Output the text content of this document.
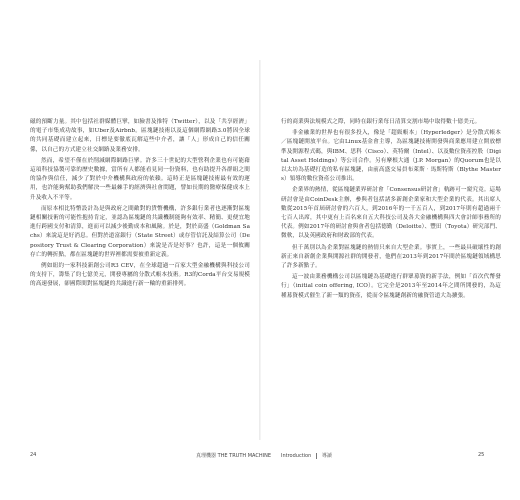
磁的預斷力量。其中包括社群媒體巨擘，如臉書及推特（Twitter），以及「共享經濟」的電子市集成功故事，如Uber及Airbnb。區塊鏈技術以及這個網際網路3.0將因全球的共同基礎而建立起來，日標是要徹底瓦解這些中介者，讓「人」形成自己的信任關係，以自己的方式建立社交網路及業務安排。

然而，希望不僅在於削減網際網路巨擘。許多三十世紀的大型營利企業也有可能藉這項科技協製可靠的歷史數據，當所有人都能看見同一份資料，也有助提升各群組之間的協作與信任，減少了對於中介機構與政府的依賴。這時正是區塊鏈技術最有效的運用，也許能夠幫助我們解決一些最棘手的經濟與社會問題，譬如長期的醫療保健成本上升及收入不平等。

而原本相比特幣設計為是與政府之間敵對的貨幣機構，許多銀行業者也逐漸對區塊鏈相關技術的可能性抱持肯定，並認為區塊鏈的共識機制能夠有效率、精簡、更便宜地進行跨國支付和清算，進而可以減少後勤成本和風險。於是，對於高盛（Goldman Sachs）來說這是好消息。但對於道富銀行（State Street）或存管信託及結算公司（Depository Trust & Clearing Corporation）來說是否是好事？也許，這是一個攸關存亡的轉折點，都在區塊鏈的世界裡都需要被重新定義。

例如紐約一家科技新創公司R3 CEV，在全球超過一百家大型金融機構與科技公司的支持下，籌集了約七億美元，開發專屬的分散式帳本技術。R3的Corda平台交易規模的高速發展，卻國際間對區塊鏈的共識進行新一輪的重新排列。

行的商業與法規模式之際，同時在銀行業每日清算交割市場中取得數十億美元。

非金融業的世界也有很多投入，像是「超級帳本」（Hyperledger）是分散式帳本／區塊鏈開放平台。它由Linux基金會主導，為區塊鏈技術開發與商業應用建立開放標準及開源程式碼，與IBM、思科（Cisco）、英特爾（Intel）、以及數位資產控股（Digital Asset Holdings）等公司合作。另有摩根大通（J.P. Morgan）的Quorum也是以以太坊為基礎打造的私有區塊鏈，由前高盛交易員布萊斯‧馬斯特斯（Blythe Masters）領導的數位資產公司推出。

企業界的熱情，從區塊鏈業界研討會「Consensus研討會」軌跡可一窺究竟。這場研討會是由CoinDesk主辦，參與者包括諸多新創企業家和大型企業的代表。其出席人數從2015年首屆研討會的六百人，到2016年的一千五百人，到2017年則有超過兩千七百人出席，其中更有上百名來自五大科技公司及各大金融機構與四大會計師事務所的代表。例如2017年的研討會與會者包括德勤（Deloitte）、豐田（Toyota）研究部門、微軟，以及英國政府和財政部的代表。

但千萬別以為企業對區塊鏈的熱情只來自大型企業。事實上，一些最具破壞性的創新正來自新創企業與開源社群的開發者，他們在2013年到2017年間於區塊鏈領域構思了許多新點子。

這一波由業務機構公司以區塊鏈為基礎進行群眾募資的新手法，例如「首次代幣發行」（initial coin offering, ICO）。它完全是2013年至2014年之間所開發的，為這種募資模式催生了新一類的資產，從而令區塊鏈創新的融資管道大為擴張。

24	真理機器 THE TRUTH MACHINE Introduction 導讀	25
